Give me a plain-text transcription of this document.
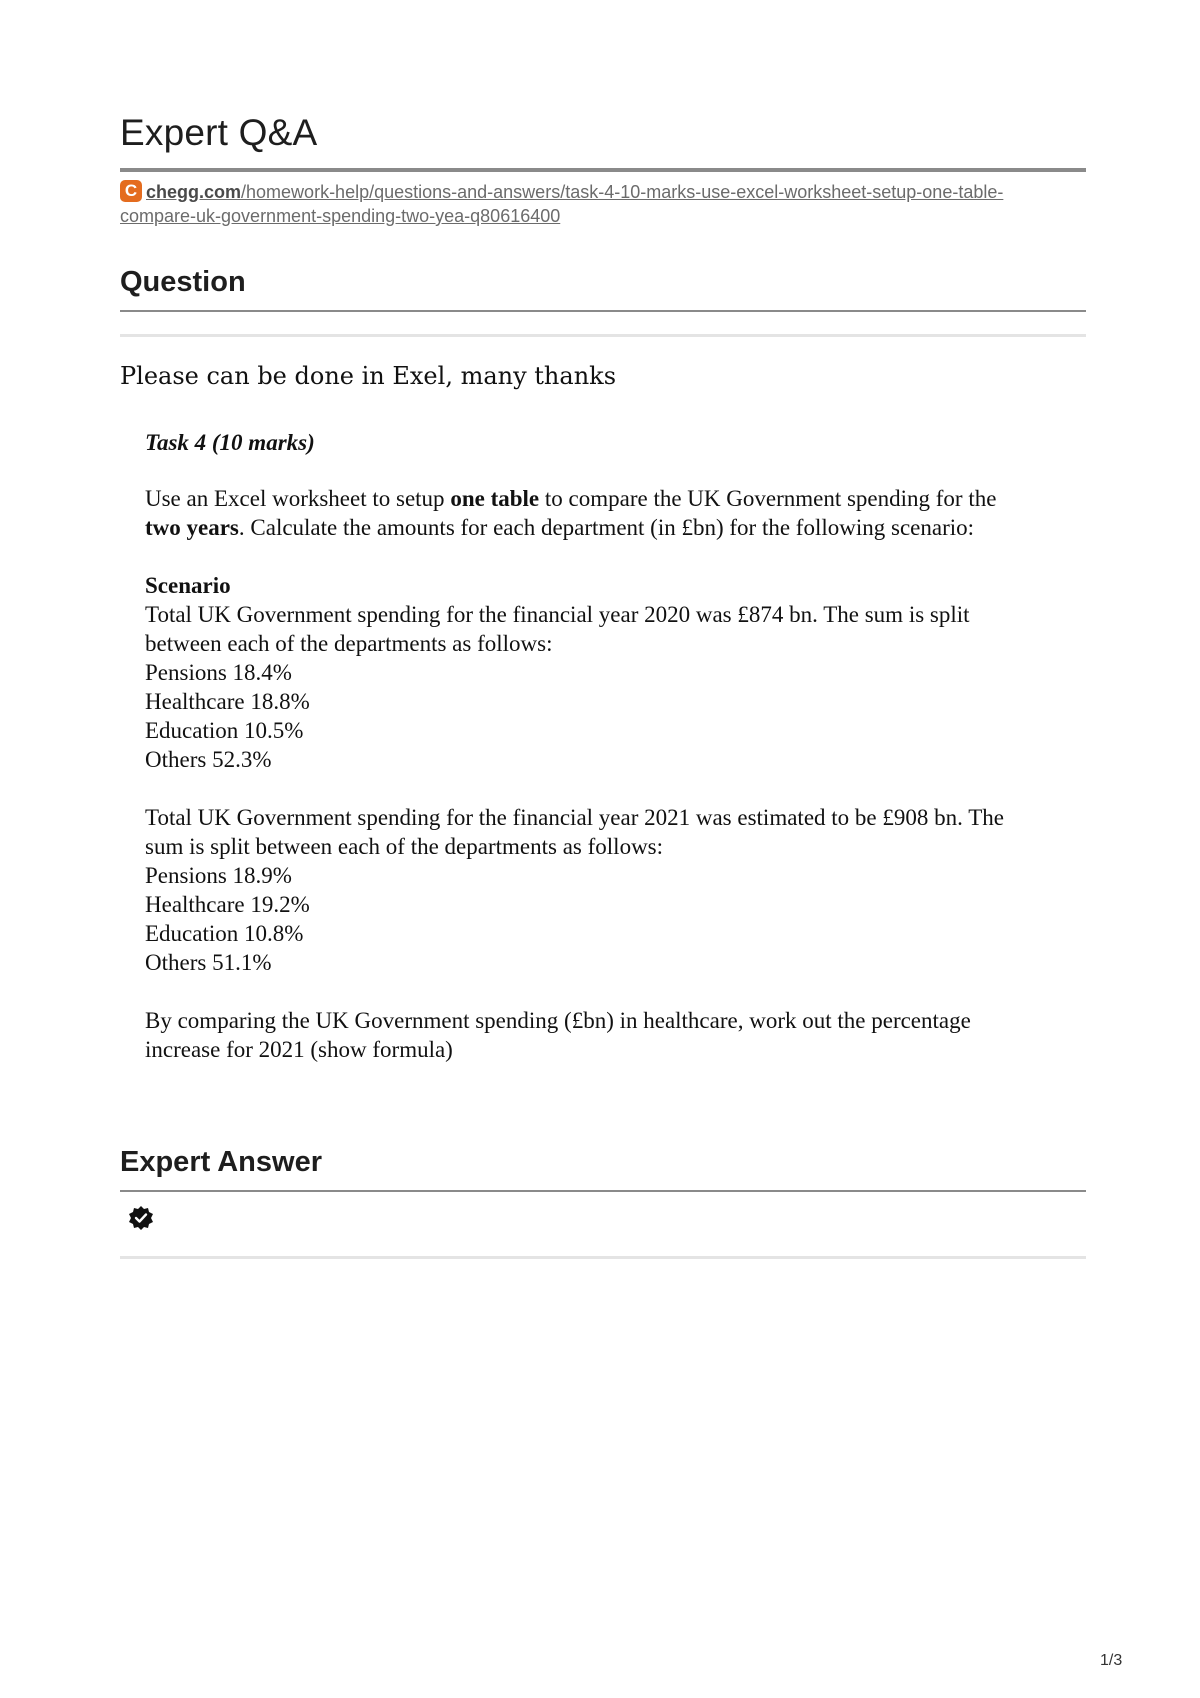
Expert Q&A
Cchegg.com/homework-help/questions-and-answers/task-4-10-marks-use-excel-worksheet-setup-one-table-
compare-uk-government-spending-two-yea-q80616400
Question
Please can be done in Exel, many thanks

Task 4 (10 marks)

Use an Excel worksheet to setup one table to compare the UK Government spending for the
two years. Calculate the amounts for each department (in £bn) for the following scenario:

Scenario
Total UK Government spending for the financial year 2020 was £874 bn. The sum is split
between each of the departments as follows:
Pensions 18.4%
Healthcare 18.8%
Education 10.5%
Others 52.3%
Total UK Government spending for the financial year 2021 was estimated to be £908 bn. The
sum is split between each of the departments as follows:
Pensions 18.9%
Healthcare 19.2%
Education 10.8%
Others 51.1%
By comparing the UK Government spending (£bn) in healthcare, work out the percentage
increase for 2021 (show formula)
Expert Answer
1/3
